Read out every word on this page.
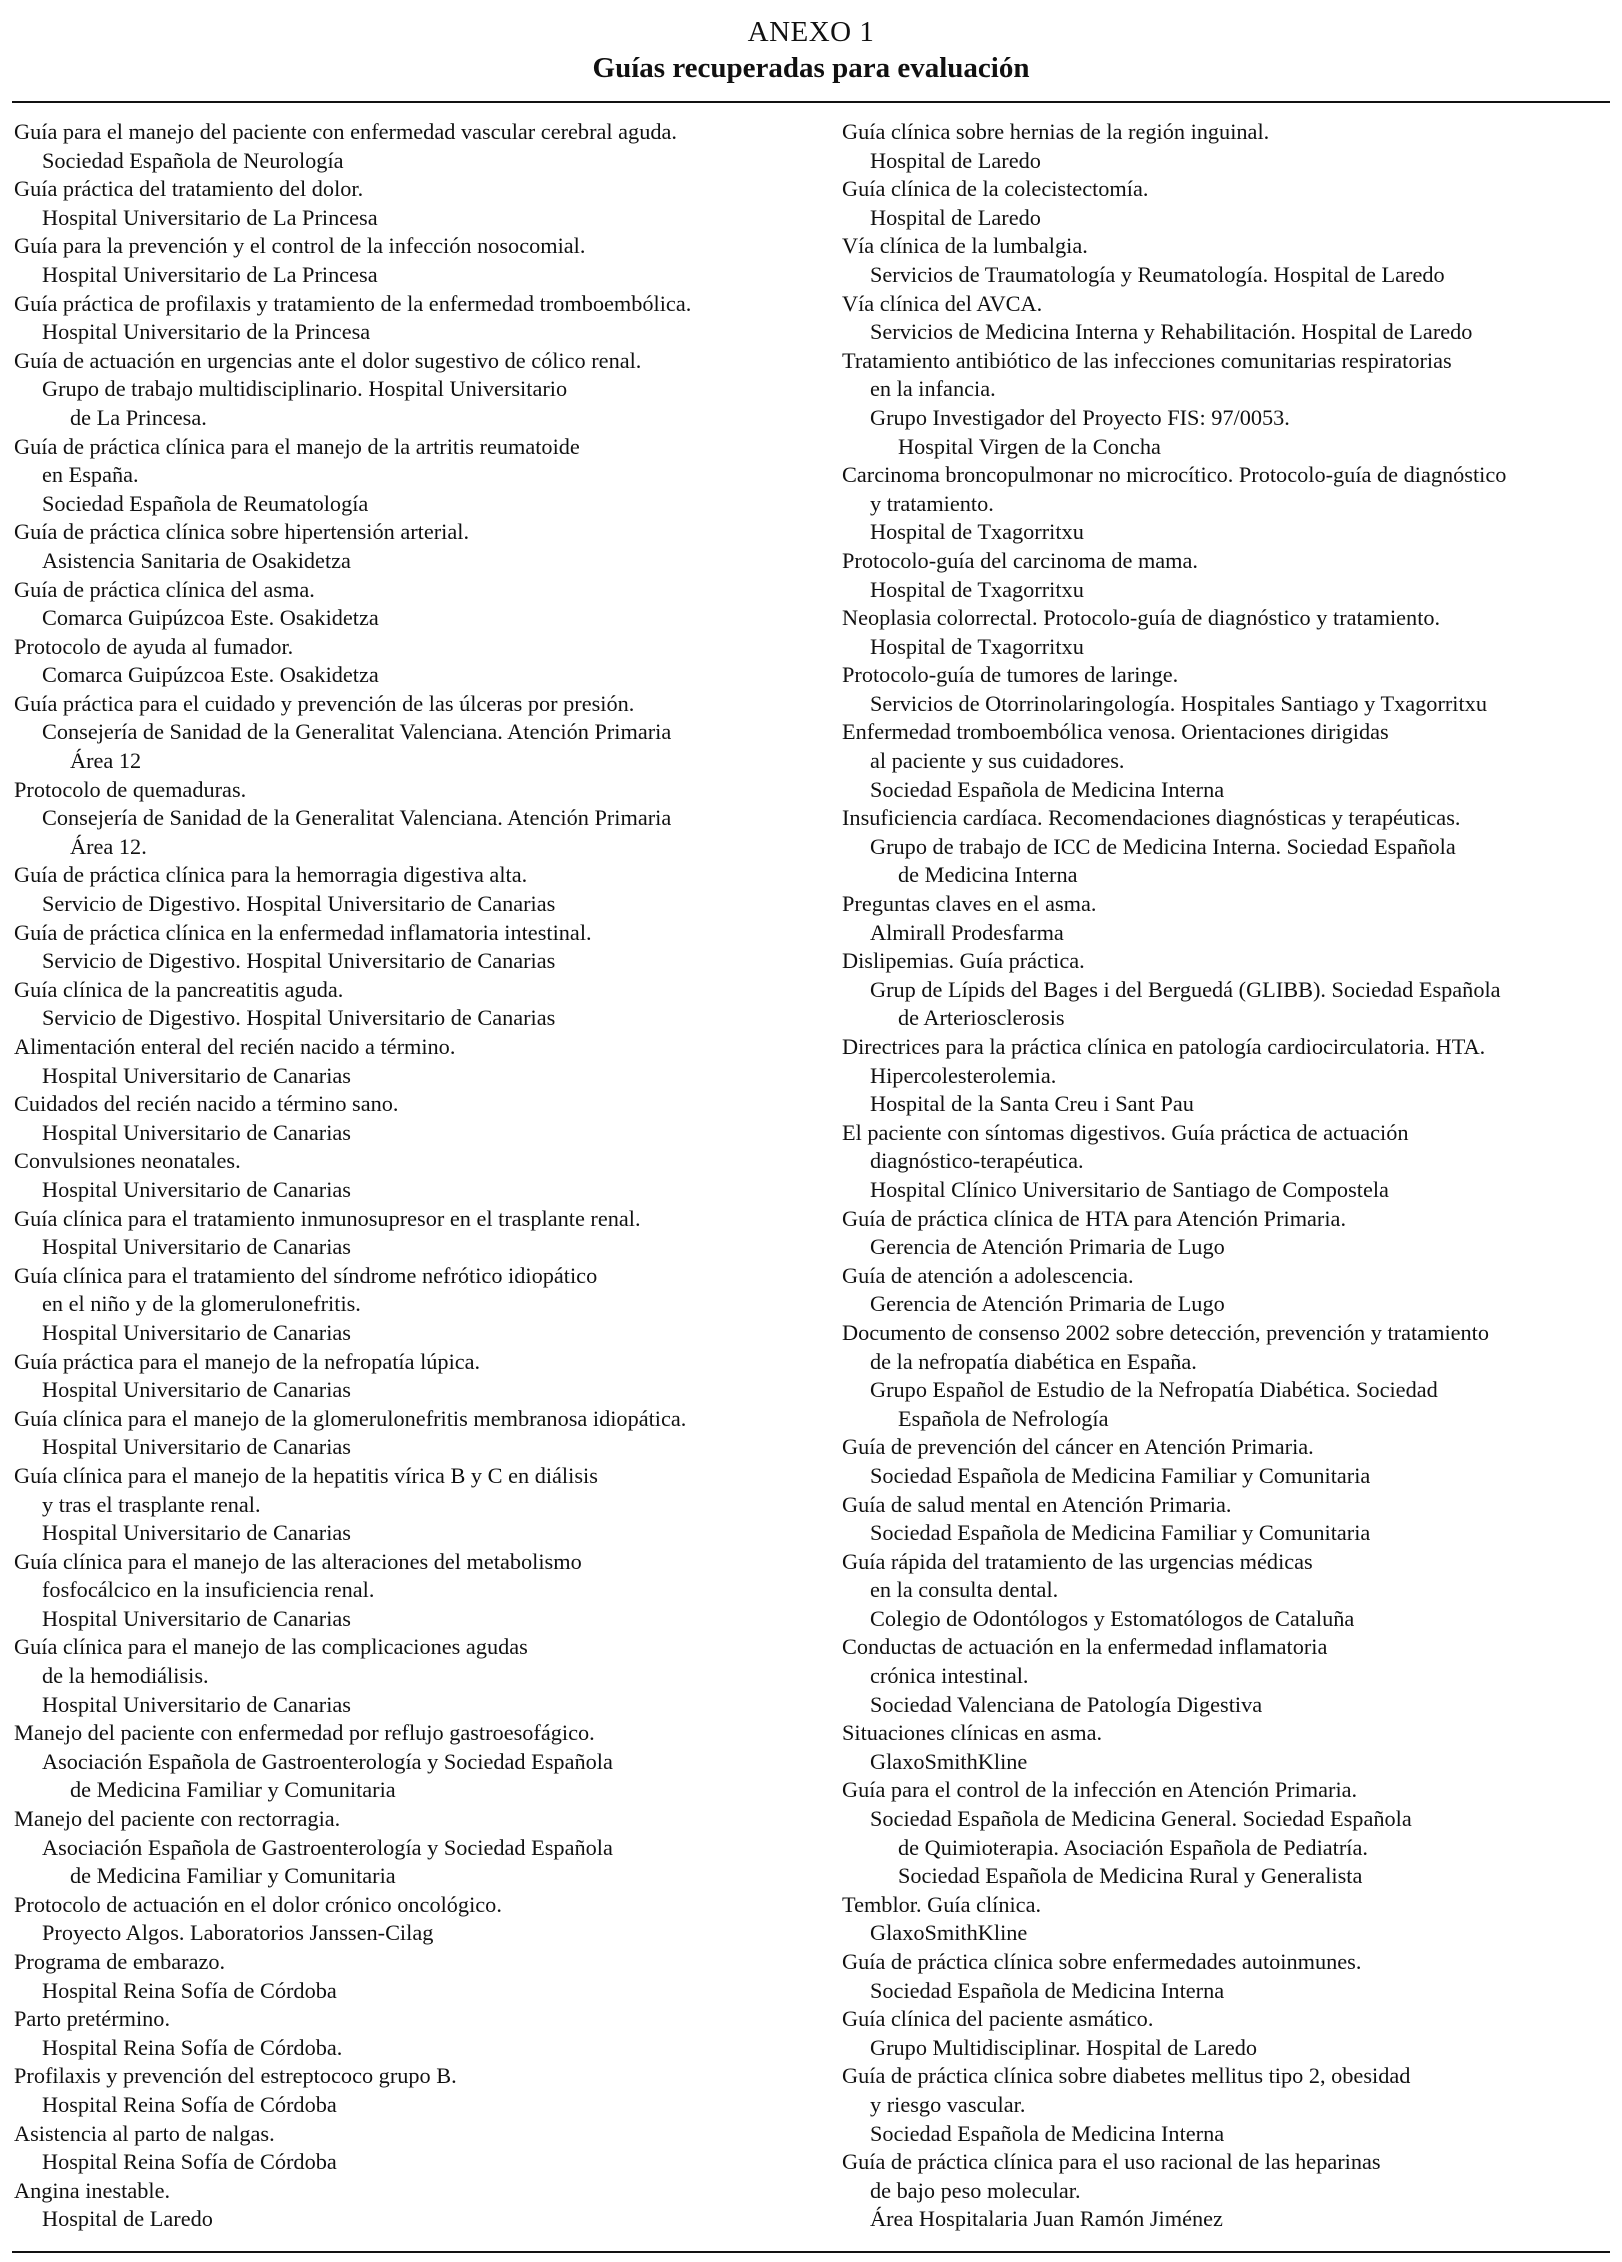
ANEXO 1
Guías recuperadas para evaluación
Guía para el manejo del paciente con enfermedad vascular cerebral aguda.
Sociedad Española de Neurología
Guía práctica del tratamiento del dolor.
Hospital Universitario de La Princesa
Guía para la prevención y el control de la infección nosocomial.
Hospital Universitario de La Princesa
Guía práctica de profilaxis y tratamiento de la enfermedad tromboembólica.
Hospital Universitario de la Princesa
Guía de actuación en urgencias ante el dolor sugestivo de cólico renal.
Grupo de trabajo multidisciplinario. Hospital Universitario
de La Princesa.
Guía de práctica clínica para el manejo de la artritis reumatoide
en España.
Sociedad Española de Reumatología
Guía de práctica clínica sobre hipertensión arterial.
Asistencia Sanitaria de Osakidetza
Guía de práctica clínica del asma.
Comarca Guipúzcoa Este. Osakidetza
Protocolo de ayuda al fumador.
Comarca Guipúzcoa Este. Osakidetza
Guía práctica para el cuidado y prevención de las úlceras por presión.
Consejería de Sanidad de la Generalitat Valenciana. Atención Primaria
Área 12
Protocolo de quemaduras.
Consejería de Sanidad de la Generalitat Valenciana. Atención Primaria
Área 12.
Guía de práctica clínica para la hemorragia digestiva alta.
Servicio de Digestivo. Hospital Universitario de Canarias
Guía de práctica clínica en la enfermedad inflamatoria intestinal.
Servicio de Digestivo. Hospital Universitario de Canarias
Guía clínica de la pancreatitis aguda.
Servicio de Digestivo. Hospital Universitario de Canarias
Alimentación enteral del recién nacido a término.
Hospital Universitario de Canarias
Cuidados del recién nacido a término sano.
Hospital Universitario de Canarias
Convulsiones neonatales.
Hospital Universitario de Canarias
Guía clínica para el tratamiento inmunosupresor en el trasplante renal.
Hospital Universitario de Canarias
Guía clínica para el tratamiento del síndrome nefrótico idiopático
en el niño y de la glomerulonefritis.
Hospital Universitario de Canarias
Guía práctica para el manejo de la nefropatía lúpica.
Hospital Universitario de Canarias
Guía clínica para el manejo de la glomerulonefritis membranosa idiopática.
Hospital Universitario de Canarias
Guía clínica para el manejo de la hepatitis vírica B y C en diálisis
y tras el trasplante renal.
Hospital Universitario de Canarias
Guía clínica para el manejo de las alteraciones del metabolismo
fosfocálcico en la insuficiencia renal.
Hospital Universitario de Canarias
Guía clínica para el manejo de las complicaciones agudas
de la hemodiálisis.
Hospital Universitario de Canarias
Manejo del paciente con enfermedad por reflujo gastroesofágico.
Asociación Española de Gastroenterología y Sociedad Española
de Medicina Familiar y Comunitaria
Manejo del paciente con rectorragia.
Asociación Española de Gastroenterología y Sociedad Española
de Medicina Familiar y Comunitaria
Protocolo de actuación en el dolor crónico oncológico.
Proyecto Algos. Laboratorios Janssen-Cilag
Programa de embarazo.
Hospital Reina Sofía de Córdoba
Parto pretérmino.
Hospital Reina Sofía de Córdoba.
Profilaxis y prevención del estreptococo grupo B.
Hospital Reina Sofía de Córdoba
Asistencia al parto de nalgas.
Hospital Reina Sofía de Córdoba
Angina inestable.
Hospital de Laredo
Guía clínica sobre hernias de la región inguinal.
Hospital de Laredo
Guía clínica de la colecistectomía.
Hospital de Laredo
Vía clínica de la lumbalgia.
Servicios de Traumatología y Reumatología. Hospital de Laredo
Vía clínica del AVCA.
Servicios de Medicina Interna y Rehabilitación. Hospital de Laredo
Tratamiento antibiótico de las infecciones comunitarias respiratorias
en la infancia.
Grupo Investigador del Proyecto FIS: 97/0053.
Hospital Virgen de la Concha
Carcinoma broncopulmonar no microcítico. Protocolo-guía de diagnóstico
y tratamiento.
Hospital de Txagorritxu
Protocolo-guía del carcinoma de mama.
Hospital de Txagorritxu
Neoplasia colorrectal. Protocolo-guía de diagnóstico y tratamiento.
Hospital de Txagorritxu
Protocolo-guía de tumores de laringe.
Servicios de Otorrinolaringología. Hospitales Santiago y Txagorritxu
Enfermedad tromboembólica venosa. Orientaciones dirigidas
al paciente y sus cuidadores.
Sociedad Española de Medicina Interna
Insuficiencia cardíaca. Recomendaciones diagnósticas y terapéuticas.
Grupo de trabajo de ICC de Medicina Interna. Sociedad Española
de Medicina Interna
Preguntas claves en el asma.
Almirall Prodesfarma
Dislipemias. Guía práctica.
Grup de Lípids del Bages i del Berguedá (GLIBB). Sociedad Española
de Arteriosclerosis
Directrices para la práctica clínica en patología cardiocirculatoria. HTA.
Hipercolesterolemia.
Hospital de la Santa Creu i Sant Pau
El paciente con síntomas digestivos. Guía práctica de actuación
diagnóstico-terapéutica.
Hospital Clínico Universitario de Santiago de Compostela
Guía de práctica clínica de HTA para Atención Primaria.
Gerencia de Atención Primaria de Lugo
Guía de atención a adolescencia.
Gerencia de Atención Primaria de Lugo
Documento de consenso 2002 sobre detección, prevención y tratamiento
de la nefropatía diabética en España.
Grupo Español de Estudio de la Nefropatía Diabética. Sociedad
Española de Nefrología
Guía de prevención del cáncer en Atención Primaria.
Sociedad Española de Medicina Familiar y Comunitaria
Guía de salud mental en Atención Primaria.
Sociedad Española de Medicina Familiar y Comunitaria
Guía rápida del tratamiento de las urgencias médicas
en la consulta dental.
Colegio de Odontólogos y Estomatólogos de Cataluña
Conductas de actuación en la enfermedad inflamatoria
crónica intestinal.
Sociedad Valenciana de Patología Digestiva
Situaciones clínicas en asma.
GlaxoSmithKline
Guía para el control de la infección en Atención Primaria.
Sociedad Española de Medicina General. Sociedad Española
de Quimioterapia. Asociación Española de Pediatría.
Sociedad Española de Medicina Rural y Generalista
Temblor. Guía clínica.
GlaxoSmithKline
Guía de práctica clínica sobre enfermedades autoinmunes.
Sociedad Española de Medicina Interna
Guía clínica del paciente asmático.
Grupo Multidisciplinar. Hospital de Laredo
Guía de práctica clínica sobre diabetes mellitus tipo 2, obesidad
y riesgo vascular.
Sociedad Española de Medicina Interna
Guía de práctica clínica para el uso racional de las heparinas
de bajo peso molecular.
Área Hospitalaria Juan Ramón Jiménez
